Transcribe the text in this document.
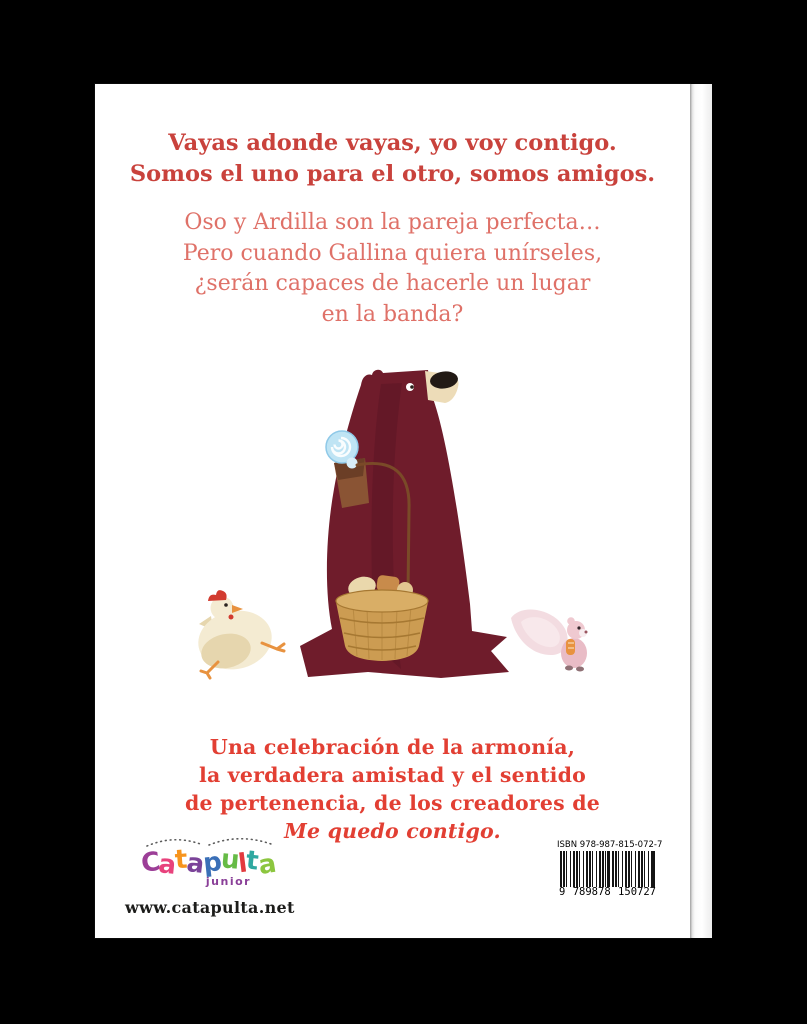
Vayas adonde vayas, yo voy contigo.
Somos el uno para el otro, somos amigos.
Oso y Ardilla son la pareja perfecta…
Pero cuando Gallina quiera unírseles,
¿serán capaces de hacerle un lugar
en la banda?
Una celebración de la armonía,
la verdadera amistad y el sentido
de pertenencia, de los creadores de
Me quedo contigo.
Catapulta
junior
www.catapulta.net
ISBN 978-987-815-072-7
9 789878 150727
